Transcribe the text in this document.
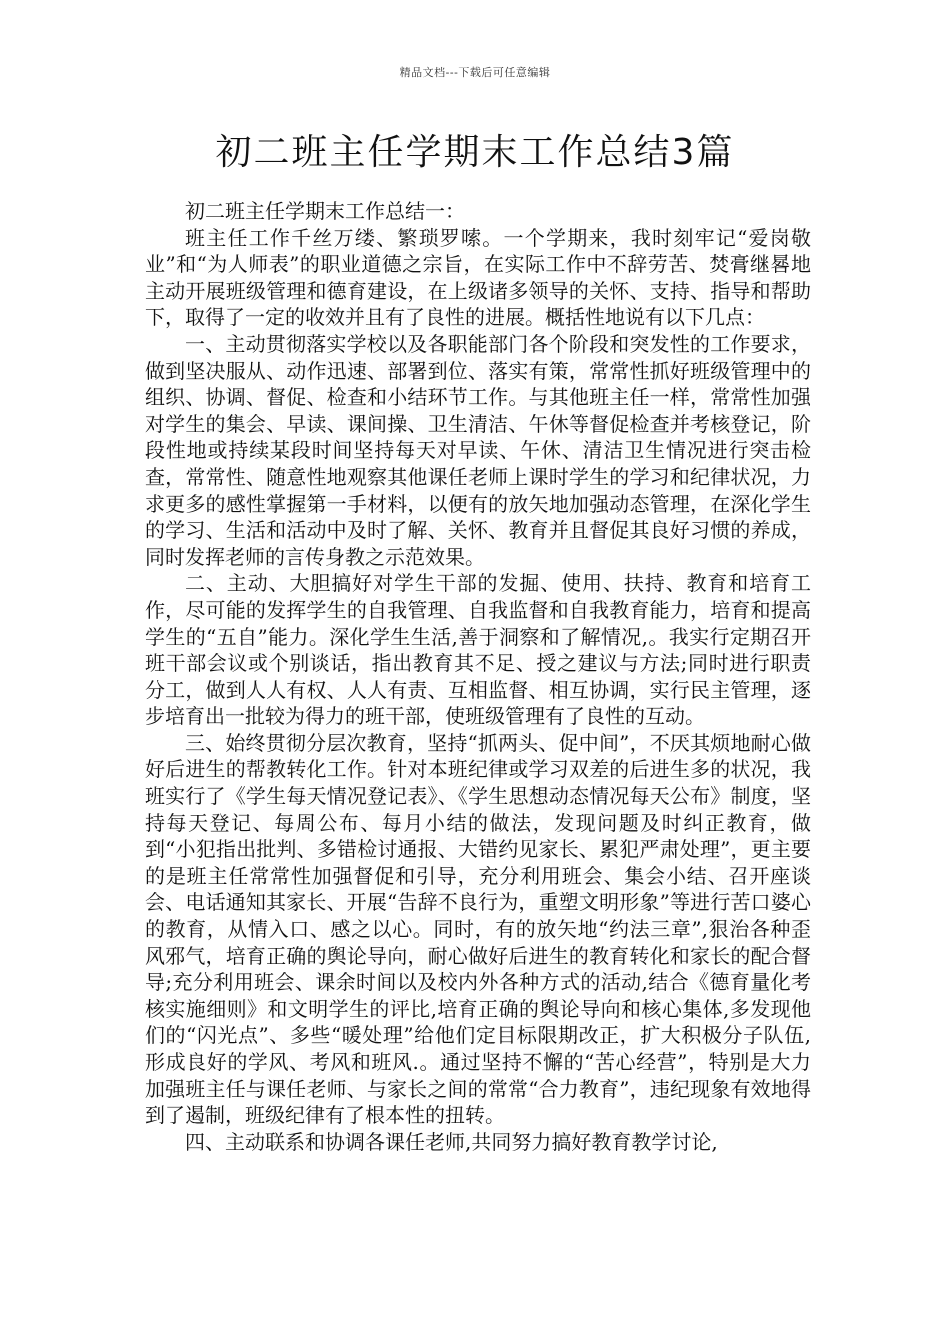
精品文档---下载后可任意编辑
初二班主任学期末工作总结3篇

初二班主任学期末工作总结一：

班主任工作千丝万缕、繁琐罗嗦。一个学期来，我时刻牢记“爱岗敬业”和“为人师表”的职业道德之宗旨，在实际工作中不辞劳苦、焚膏继晷地主动开展班级管理和德育建设，在上级诸多领导的关怀、支持、指导和帮助下，取得了一定的收效并且有了良性的进展。概括性地说有以下几点：

一、主动贯彻落实学校以及各职能部门各个阶段和突发性的工作要求，做到坚决服从、动作迅速、部署到位、落实有策，常常性抓好班级管理中的组织、协调、督促、检查和小结环节工作。与其他班主任一样，常常性加强对学生的集会、早读、课间操、卫生清洁、午休等督促检查并考核登记，阶段性地或持续某段时间坚持每天对早读、午休、清洁卫生情况进行突击检查，常常性、随意性地观察其他课任老师上课时学生的学习和纪律状况，力求更多的感性掌握第一手材料，以便有的放矢地加强动态管理，在深化学生的学习、生活和活动中及时了解、关怀、教育并且督促其良好习惯的养成，同时发挥老师的言传身教之示范效果。

二、主动、大胆搞好对学生干部的发掘、使用、扶持、教育和培育工作，尽可能的发挥学生的自我管理、自我监督和自我教育能力，培育和提高学生的“五自”能力。深化学生生活,善于洞察和了解情况,。我实行定期召开班干部会议或个别谈话，指出教育其不足、授之建议与方法;同时进行职责分工，做到人人有权、人人有责、互相监督、相互协调，实行民主管理，逐步培育出一批较为得力的班干部，使班级管理有了良性的互动。

三、始终贯彻分层次教育，坚持“抓两头、促中间”，不厌其烦地耐心做好后进生的帮教转化工作。针对本班纪律或学习双差的后进生多的状况，我班实行了《学生每天情况登记表》、《学生思想动态情况每天公布》制度，坚持每天登记、每周公布、每月小结的做法，发现问题及时纠正教育，做到“小犯指出批判、多错检讨通报、大错约见家长、累犯严肃处理”，更主要的是班主任常常性加强督促和引导，充分利用班会、集会小结、召开座谈会、电话通知其家长、开展“告辞不良行为，重塑文明形象”等进行苦口婆心的教育，从情入口、感之以心。同时，有的放矢地“约法三章”,狠治各种歪风邪气，培育正确的舆论导向，耐心做好后进生的教育转化和家长的配合督导;充分利用班会、课余时间以及校内外各种方式的活动,结合《德育量化考核实施细则》和文明学生的评比,培育正确的舆论导向和核心集体,多发现他们的“闪光点”、多些“暖处理”给他们定目标限期改正，扩大积极分子队伍,形成良好的学风、考风和班风.。通过坚持不懈的“苦心经营”，特别是大力加强班主任与课任老师、与家长之间的常常“合力教育”，违纪现象有效地得到了遏制，班级纪律有了根本性的扭转。

四、主动联系和协调各课任老师,共同努力搞好教育教学讨论,
